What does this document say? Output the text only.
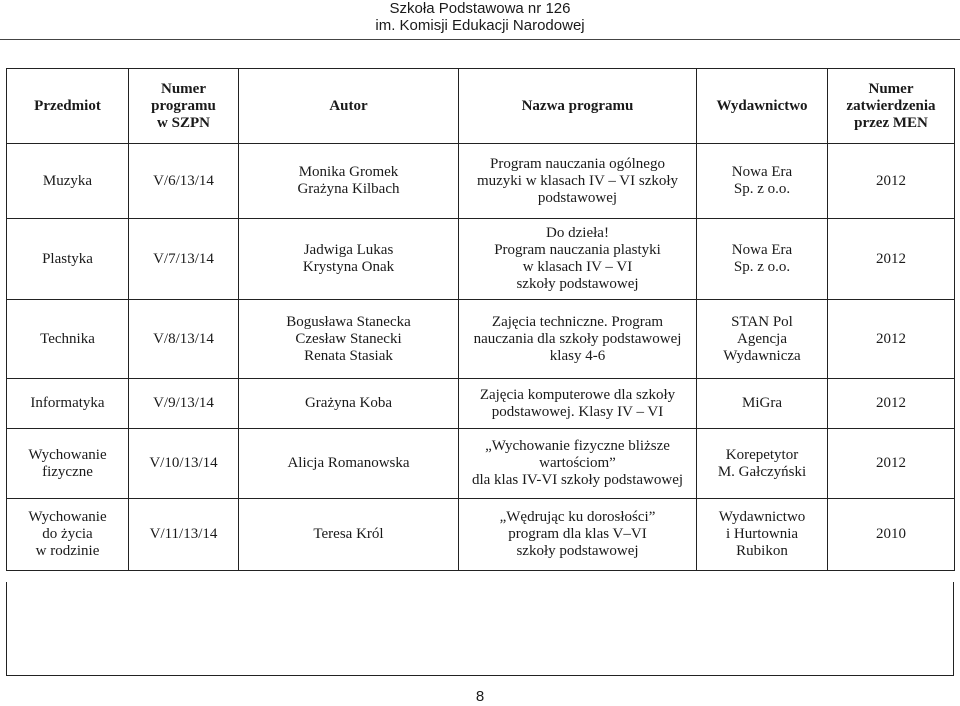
Szkoła Podstawowa nr 126
im. Komisji Edukacji Narodowej
Przedmiot	Numer
programu
w SZPN	Autor	Nazwa programu	Wydawnictwo	Numer
zatwierdzenia
przez MEN
Muzyka	V/6/13/14	Monika Gromek
Grażyna Kilbach	Program nauczania ogólnego
muzyki w klasach IV – VI szkoły
podstawowej	Nowa Era
Sp. z o.o.	2012
Plastyka	V/7/13/14	Jadwiga Lukas
Krystyna Onak	Do dzieła!
Program nauczania plastyki
w klasach IV – VI
szkoły podstawowej	Nowa Era
Sp. z o.o.	2012
Technika	V/8/13/14	Bogusława Stanecka
Czesław Stanecki
Renata Stasiak	Zajęcia techniczne. Program
nauczania dla szkoły podstawowej
klasy 4-6	STAN Pol
Agencja
Wydawnicza	2012
Informatyka	V/9/13/14	Grażyna Koba	Zajęcia komputerowe dla szkoły
podstawowej. Klasy IV – VI	MiGra	2012
Wychowanie
fizyczne	V/10/13/14	Alicja Romanowska	„Wychowanie fizyczne bliższe
wartościom”
dla klas IV-VI szkoły podstawowej	Korepetytor
M. Gałczyński	2012
Wychowanie
do życia
w rodzinie	V/11/13/14	Teresa Król	„Wędrując ku dorosłości”
program dla klas V–VI
szkoły podstawowej	Wydawnictwo
i Hurtownia
Rubikon	2010
8
